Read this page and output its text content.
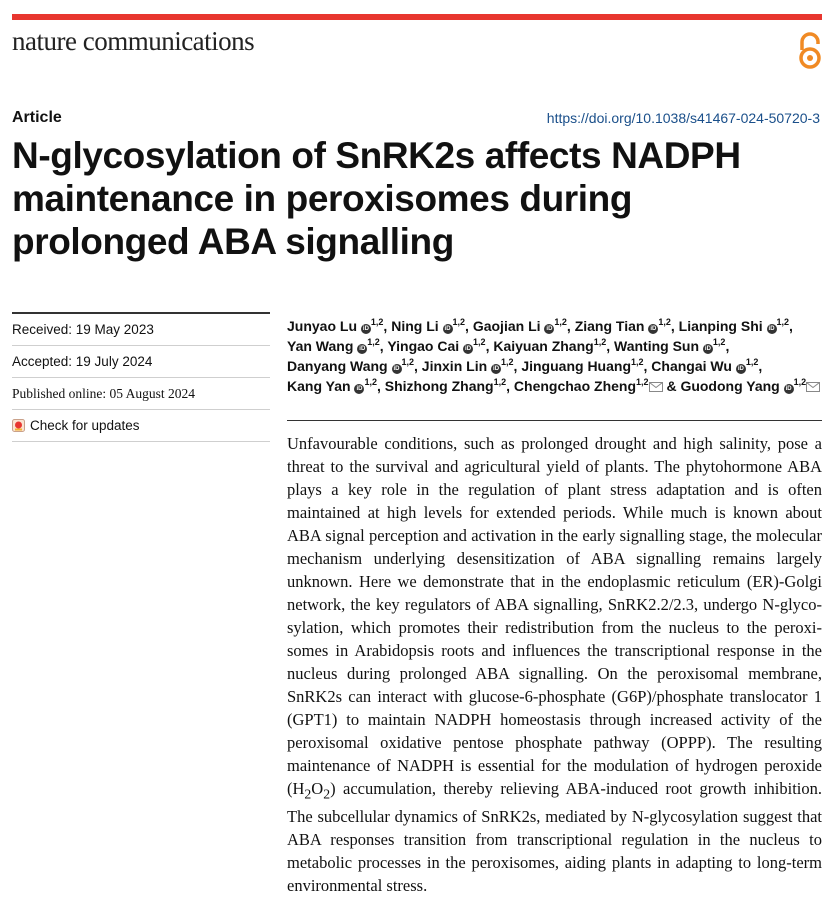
nature communications
Article	https://doi.org/10.1038/s41467-024-50720-3
N-glycosylation of SnRK2s affects NADPH maintenance in peroxisomes during prolonged ABA signalling
Received: 19 May 2023
Accepted: 19 July 2024
Published online: 05 August 2024
Check for updates
Junyao Lu iD$^{1,2}$, Ning Li iD$^{1,2}$, Gaojian Li iD$^{1,2}$, Ziang Tian iD$^{1,2}$, Lianping Shi iD$^{1,2}$, Yan Wang iD$^{1,2}$, Yingao Cai iD$^{1,2}$, Kaiyuan Zhang$^{1,2}$, Wanting Sun iD$^{1,2}$, Danyang Wang iD$^{1,2}$, Jinxin Lin iD$^{1,2}$, Jinguang Huang$^{1,2}$, Changai Wu iD$^{1,2}$, Kang Yan iD$^{1,2}$, Shizhong Zhang$^{1,2}$, Chengchao Zheng$^{1,2}$ & Guodong Yang iD$^{1,2}$

Unfavourable conditions, such as prolonged drought and high salinity, pose a threat to the survival and agricultural yield of plants. The phytohormone ABA plays a key role in the regulation of plant stress adaptation and is often maintained at high levels for extended periods. While much is known about ABA signal perception and activation in the early signalling stage, the molecular mechanism underlying desensitization of ABA signalling remains largely unknown. Here we demonstrate that in the endoplasmic reticulum (ER)-Golgi network, the key regulators of ABA signalling, SnRK2.2/2.3, undergo N-glycosylation, which promotes their redistribution from the nucleus to the peroxisomes in Arabidopsis roots and influences the transcriptional response in the nucleus during prolonged ABA signalling. On the peroxisomal membrane, SnRK2s can interact with glucose-6-phosphate (G6P)/phosphate translocator 1 (GPT1) to maintain NADPH homeostasis through increased activity of the peroxisomal oxidative pentose phosphate pathway (OPPP). The resulting maintenance of NADPH is essential for the modulation of hydrogen peroxide $(H_2O_2)$ accumulation, thereby relieving ABA-induced root growth inhibition. The subcellular dynamics of SnRK2s, mediated by N-glycosylation suggest that ABA responses transition from transcriptional regulation in the nucleus to metabolic processes in the peroxisomes, aiding plants in adapting to long-term environmental stress.
